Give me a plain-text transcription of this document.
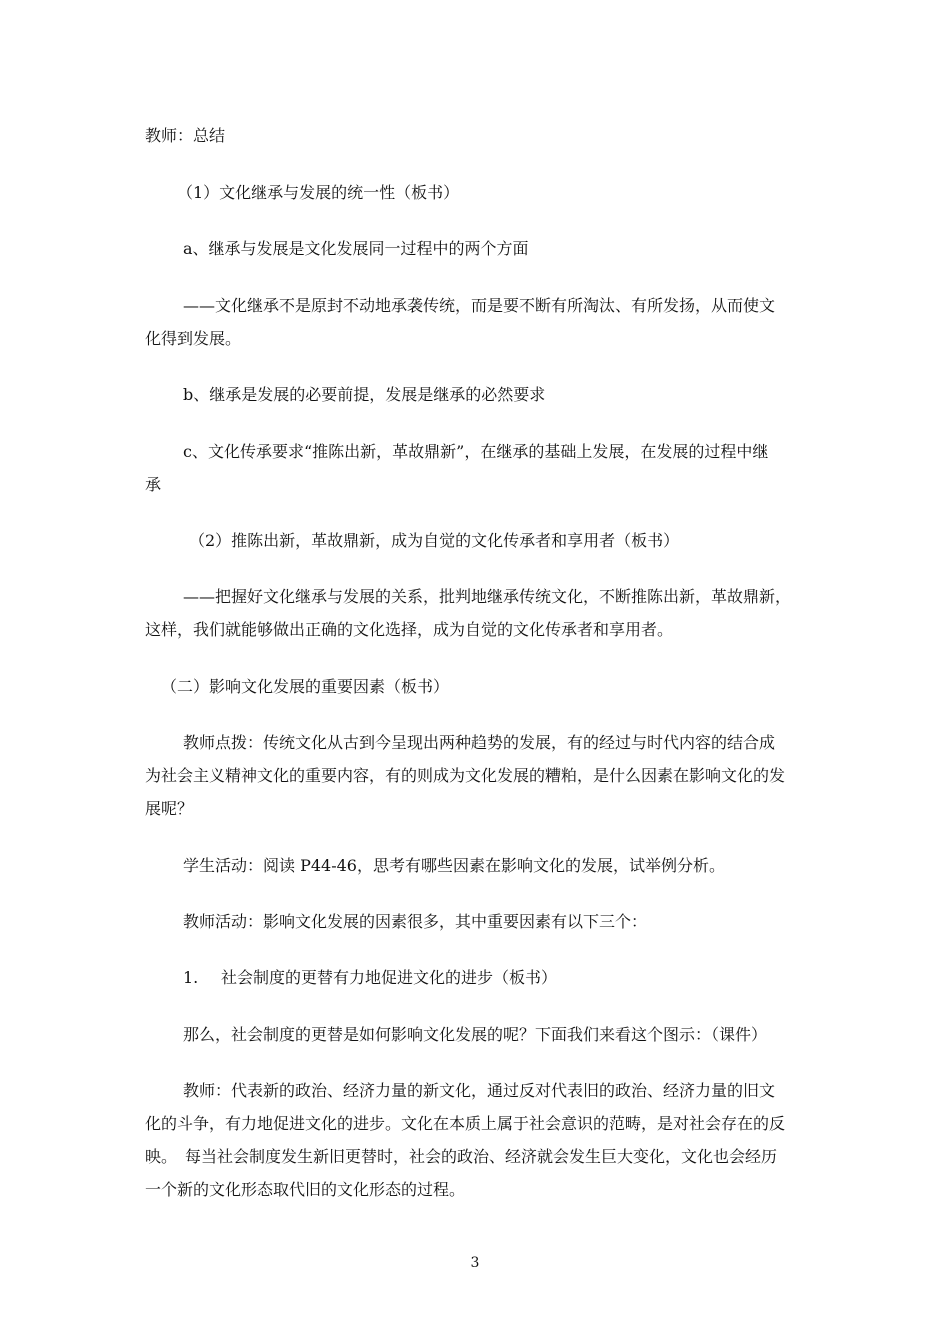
教师：总结
（1）文化继承与发展的统一性（板书）
a、继承与发展是文化发展同一过程中的两个方面
——文化继承不是原封不动地承袭传统，而是要不断有所淘汰、有所发扬，从而使文
化得到发展。
b、继承是发展的必要前提，发展是继承的必然要求
c、文化传承要求“推陈出新，革故鼎新”，在继承的基础上发展，在发展的过程中继
承
（2）推陈出新，革故鼎新，成为自觉的文化传承者和享用者（板书）
——把握好文化继承与发展的关系，批判地继承传统文化，不断推陈出新，革故鼎新，
这样，我们就能够做出正确的文化选择，成为自觉的文化传承者和享用者。
（二）影响文化发展的重要因素（板书）
教师点拨：传统文化从古到今呈现出两种趋势的发展，有的经过与时代内容的结合成
为社会主义精神文化的重要内容，有的则成为文化发展的糟粕，是什么因素在影响文化的发
展呢？
学生活动：阅读 P44-46，思考有哪些因素在影响文化的发展，试举例分析。
教师活动：影响文化发展的因素很多，其中重要因素有以下三个：
1. 社会制度的更替有力地促进文化的进步（板书）
那么，社会制度的更替是如何影响文化发展的呢？下面我们来看这个图示：（课件）
教师：代表新的政治、经济力量的新文化，通过反对代表旧的政治、经济力量的旧文
化的斗争，有力地促进文化的进步。文化在本质上属于社会意识的范畴，是对社会存在的反
映。　每当社会制度发生新旧更替时，社会的政治、经济就会发生巨大变化，文化也会经历
一个新的文化形态取代旧的文化形态的过程。
3
